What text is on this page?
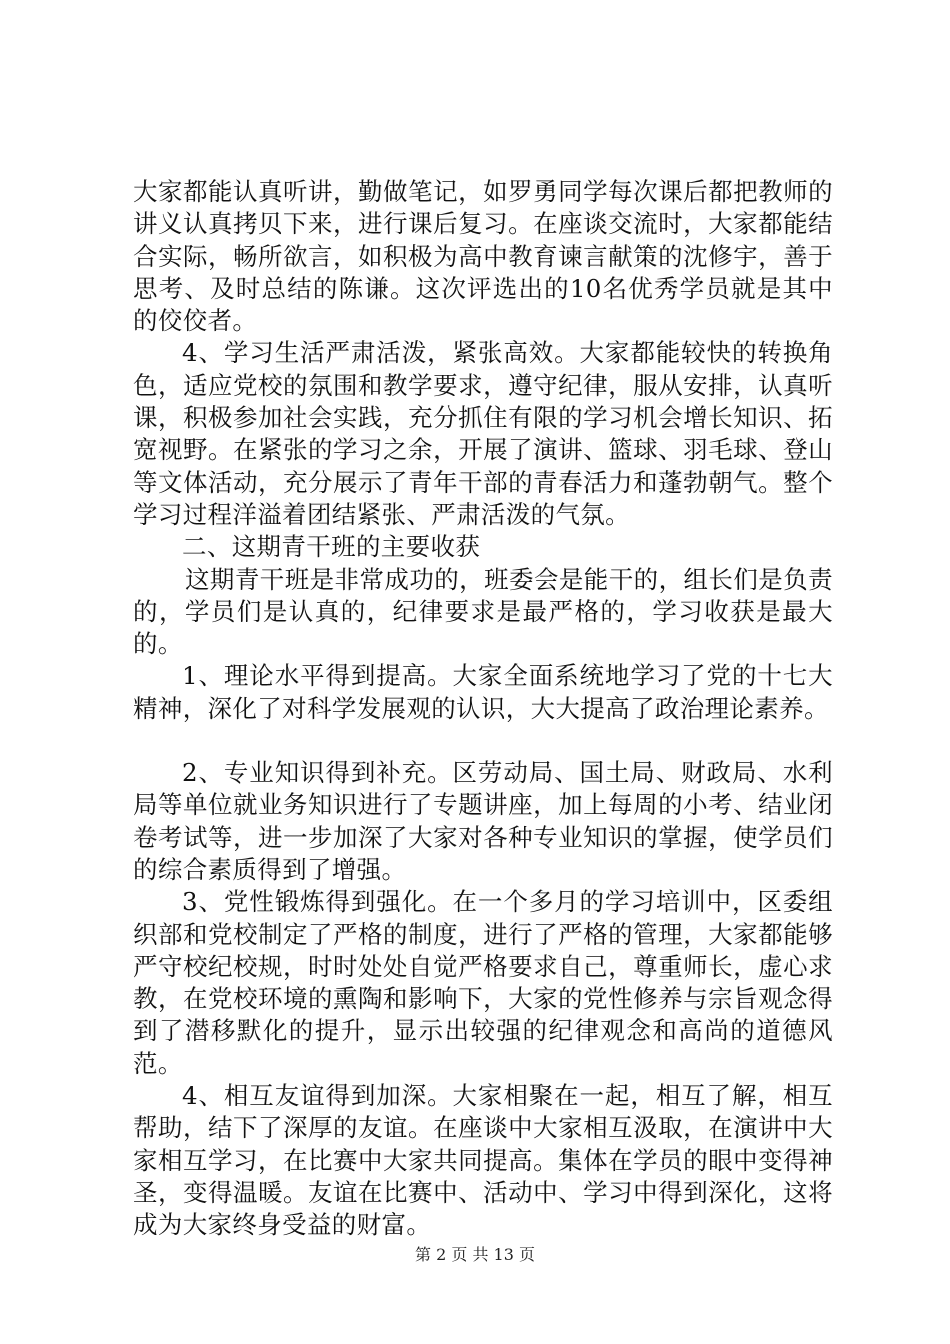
大家都能认真听讲，勤做笔记，如罗勇同学每次课后都把教师的讲义认真拷贝下来，进行课后复习。在座谈交流时，大家都能结合实际，畅所欲言，如积极为高中教育谏言献策的沈修宇，善于思考、及时总结的陈谦。这次评选出的10名优秀学员就是其中的佼佼者。

4、学习生活严肃活泼，紧张高效。大家都能较快的转换角色，适应党校的氛围和教学要求，遵守纪律，服从安排，认真听课，积极参加社会实践，充分抓住有限的学习机会增长知识、拓宽视野。在紧张的学习之余，开展了演讲、篮球、羽毛球、登山等文体活动，充分展示了青年干部的青春活力和蓬勃朝气。整个学习过程洋溢着团结紧张、严肃活泼的气氛。

二、这期青干班的主要收获

这期青干班是非常成功的，班委会是能干的，组长们是负责的，学员们是认真的，纪律要求是最严格的，学习收获是最大的。

1、理论水平得到提高。大家全面系统地学习了党的十七大精神，深化了对科学发展观的认识，大大提高了政治理论素养。

2、专业知识得到补充。区劳动局、国土局、财政局、水利局等单位就业务知识进行了专题讲座，加上每周的小考、结业闭卷考试等，进一步加深了大家对各种专业知识的掌握，使学员们的综合素质得到了增强。

3、党性锻炼得到强化。在一个多月的学习培训中，区委组织部和党校制定了严格的制度，进行了严格的管理，大家都能够严守校纪校规，时时处处自觉严格要求自己，尊重师长，虚心求教，在党校环境的熏陶和影响下，大家的党性修养与宗旨观念得到了潜移默化的提升，显示出较强的纪律观念和高尚的道德风范。

4、相互友谊得到加深。大家相聚在一起，相互了解，相互帮助，结下了深厚的友谊。在座谈中大家相互汲取，在演讲中大家相互学习，在比赛中大家共同提高。集体在学员的眼中变得神圣，变得温暖。友谊在比赛中、活动中、学习中得到深化，这将成为大家终身受益的财富。

第 2 页 共 13 页
